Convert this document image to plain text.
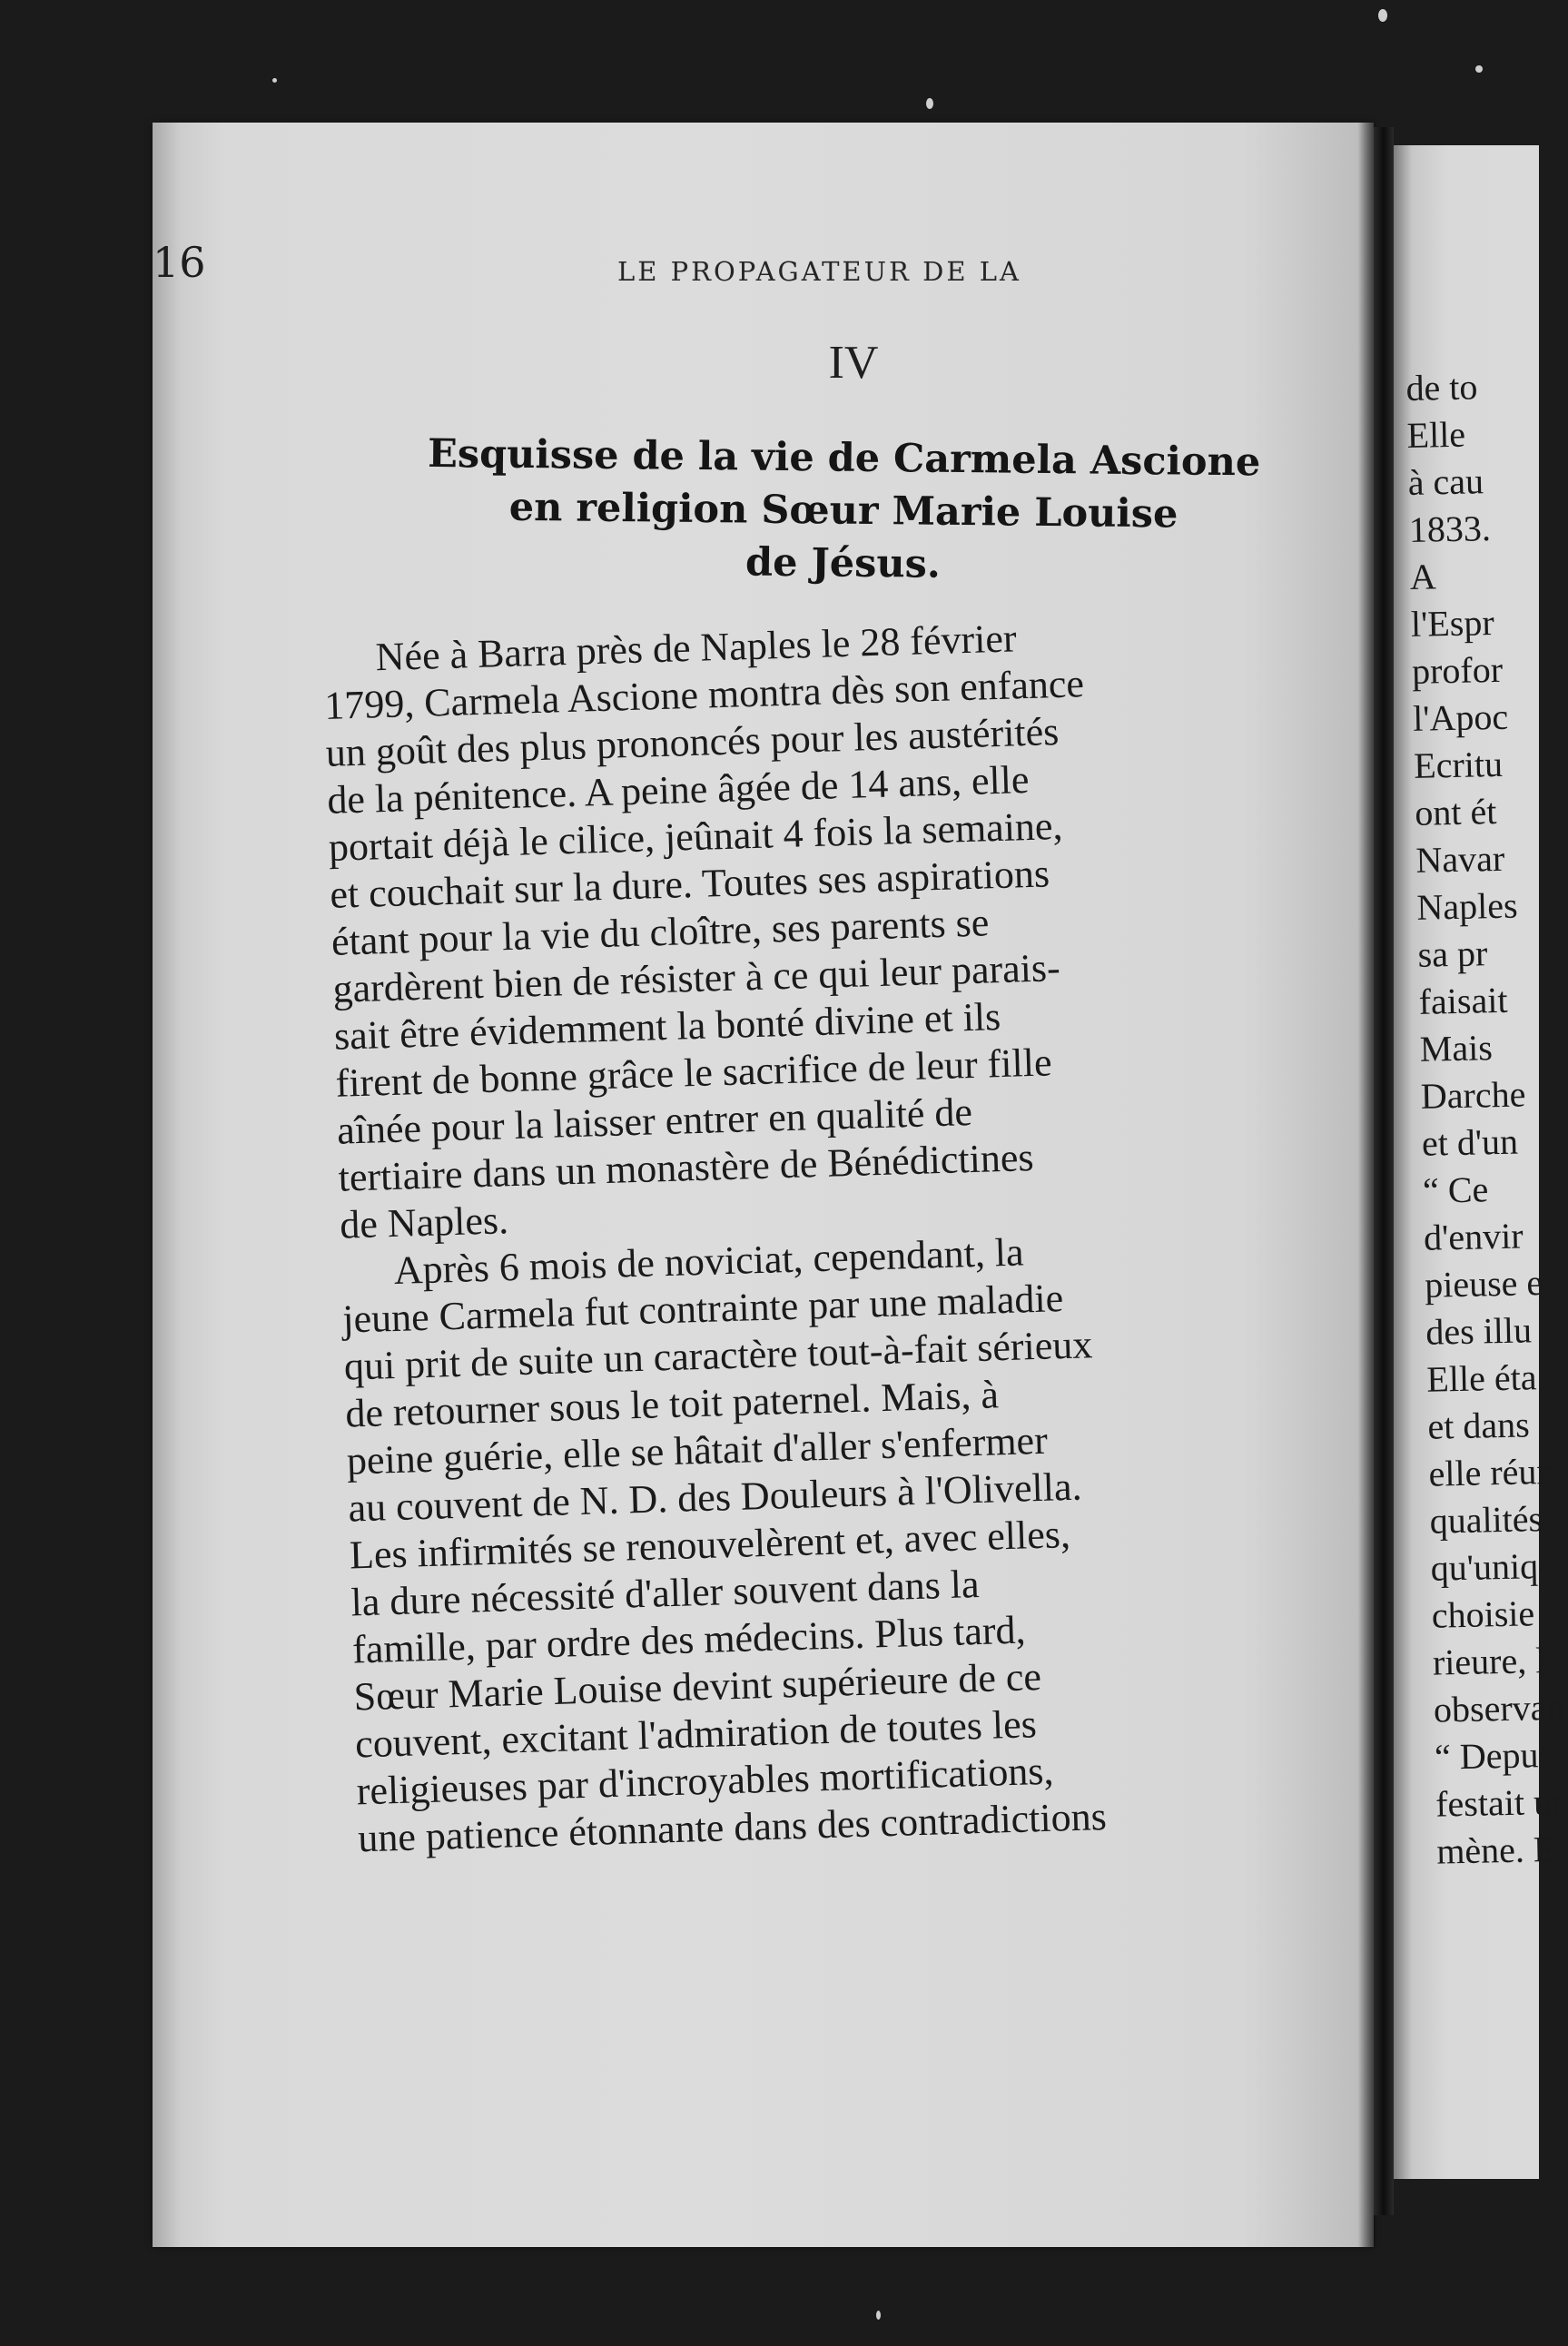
16	LE PROPAGATEUR DE LA
IV
Esquisse de la vie de Carmela Ascione
en religion Sœur Marie Louise
de Jésus.
Née à Barra près de Naples le 28 février
1799, Carmela Ascione montra dès son enfance
un goût des plus prononcés pour les austérités
de la pénitence. A peine âgée de 14 ans, elle
portait déjà le cilice, jeûnait 4 fois la semaine,
et couchait sur la dure. Toutes ses aspirations
étant pour la vie du cloître, ses parents se
gardèrent bien de résister à ce qui leur parais-
sait être évidemment la bonté divine et ils
firent de bonne grâce le sacrifice de leur fille
aînée pour la laisser entrer en qualité de
tertiaire dans un monastère de Bénédictines
de Naples.
Après 6 mois de noviciat, cependant, la
jeune Carmela fut contrainte par une maladie
qui prit de suite un caractère tout-à-fait sérieux
de retourner sous le toit paternel. Mais, à
peine guérie, elle se hâtait d'aller s'enfermer
au couvent de N. D. des Douleurs à l'Olivella.
Les infirmités se renouvelèrent et, avec elles,
la dure nécessité d'aller souvent dans la
famille, par ordre des médecins. Plus tard,
Sœur Marie Louise devint supérieure de ce
couvent, excitant l'admiration de toutes les
religieuses par d'incroyables mortifications,
une patience étonnante dans des contradictions
de to
Elle
à cau
1833.
A
l'Espr
profor
l'Apoc
Ecritu
ont ét
Navar
Naples
sa pr
faisait
Mais
Darche
et d'un
“ Ce
d'envir
pieuse e
des illu
Elle éta
et dans
elle réur
qualités
qu'uniq
choisie
rieure, l
observan
“ Depu
festait ur
mène. E
